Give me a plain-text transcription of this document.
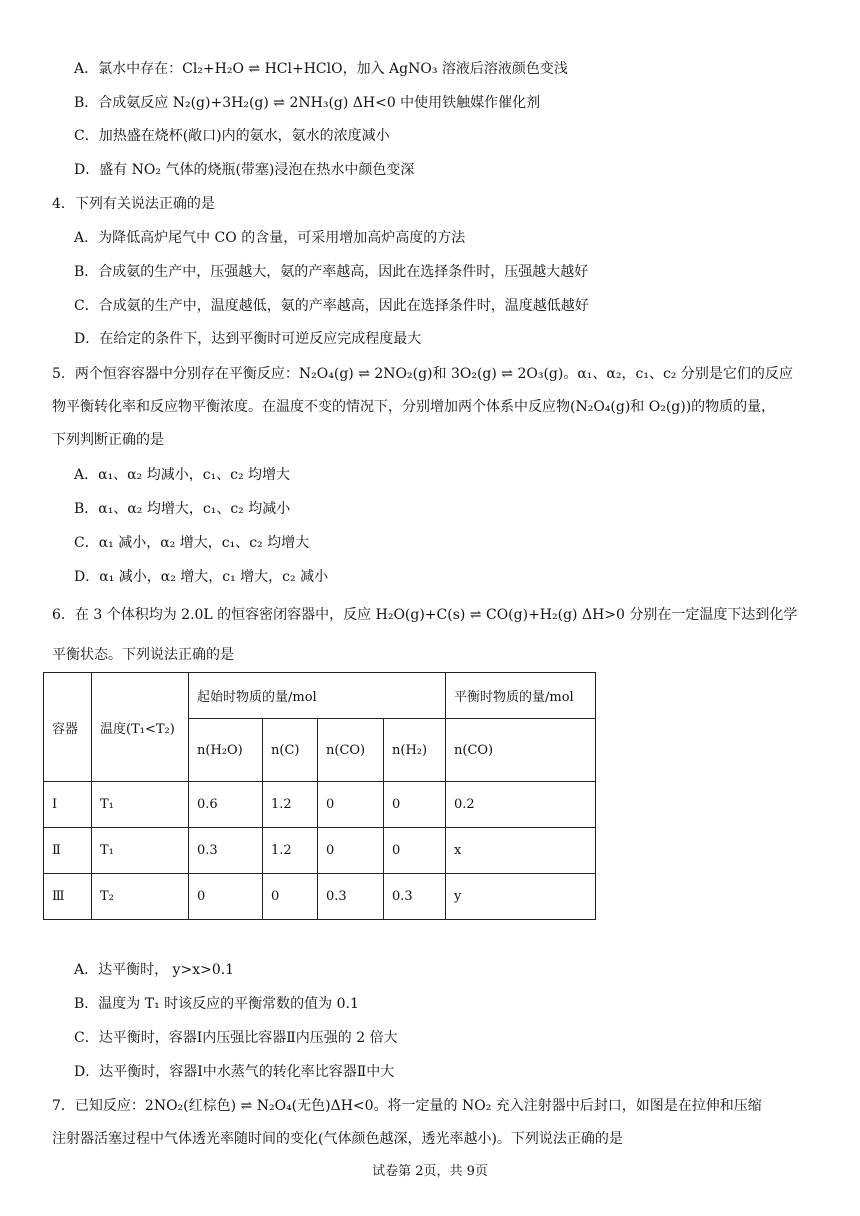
A．氯水中存在：Cl₂+H₂O ⇌ HCl+HClO，加入 AgNO₃ 溶液后溶液颜色变浅
B．合成氨反应 N₂(g)+3H₂(g) ⇌ 2NH₃(g) ΔH<0 中使用铁触媒作催化剂
C．加热盛在烧杯(敞口)内的氨水，氨水的浓度减小
D．盛有 NO₂ 气体的烧瓶(带塞)浸泡在热水中颜色变深
4．下列有关说法正确的是
A．为降低高炉尾气中 CO 的含量，可采用增加高炉高度的方法
B．合成氨的生产中，压强越大，氨的产率越高，因此在选择条件时，压强越大越好
C．合成氨的生产中，温度越低，氨的产率越高，因此在选择条件时，温度越低越好
D．在给定的条件下，达到平衡时可逆反应完成程度最大
5．两个恒容容器中分别存在平衡反应：N₂O₄(g) ⇌ 2NO₂(g)和 3O₂(g) ⇌ 2O₃(g)。α₁、α₂，c₁、c₂ 分别是它们的反应
物平衡转化率和反应物平衡浓度。在温度不变的情况下，分别增加两个体系中反应物(N₂O₄(g)和 O₂(g))的物质的量，
下列判断正确的是
A．α₁、α₂ 均减小，c₁、c₂ 均增大
B．α₁、α₂ 均增大，c₁、c₂ 均减小
C．α₁ 减小，α₂ 增大，c₁、c₂ 均增大
D．α₁ 减小，α₂ 增大，c₁ 增大，c₂ 减小
6．在 3 个体积均为 2.0L 的恒容密闭容器中，反应 H₂O(g)+C(s) ⇌ CO(g)+H₂(g) ΔH>0 分别在一定温度下达到化学
平衡状态。下列说法正确的是
容器	温度(T₁<T₂)	起始时物质的量/mol				平衡时物质的量/mol
		n(H₂O)	n(C)	n(CO)	n(H₂)	n(CO)
Ⅰ	T₁	0.6	1.2	0	0	0.2
Ⅱ	T₁	0.3	1.2	0	0	x
Ⅲ	T₂	0	0	0.3	0.3	y
A．达平衡时， y>x>0.1
B．温度为 T₁ 时该反应的平衡常数的值为 0.1
C．达平衡时，容器Ⅰ内压强比容器Ⅱ内压强的 2 倍大
D．达平衡时，容器Ⅰ中水蒸气的转化率比容器Ⅱ中大
7．已知反应：2NO₂(红棕色) ⇌ N₂O₄(无色)ΔH<0。将一定量的 NO₂ 充入注射器中后封口，如图是在拉伸和压缩
注射器活塞过程中气体透光率随时间的变化(气体颜色越深，透光率越小)。下列说法正确的是
试卷第 2页，共 9页
